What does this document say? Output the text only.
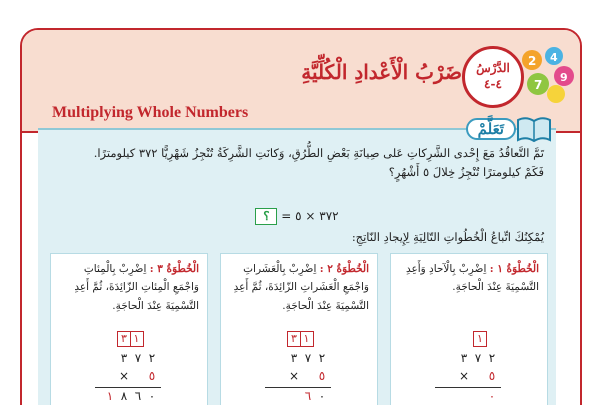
2 4
7
9
الدَّرْسُ
٤-٤
ضَرْبُ الْأَعْدادِ الْكُلِّيَّةِ
Multiplying Whole Numbers
تَعَلَّمْ
تَمَّ التَّعاقُدُ مَعَ إِحْدى الشَّرِكاتِ عَلى صِيانَةِ بَعْضِ الطُّرُقِ، وَكانَتِ الشَّرِكَةُ تُنْجِزُ شَهْرِيًّا ٣٧٢ كيلومترًا.
فَكَمْ كيلومترًا تُنْجِزُ خِلالَ ٥ أَشْهُرٍ؟
؟ = ٣٧٢ × ٥
يُمْكِنُكَ اتِّباعُ الْخُطُواتِ التّالِيَةِ لِإِيجادِ النّاتِجِ:
الْخُطْوَةُ ١ : اِضْرِبْ بِالْآحادِ وَأَعِدِ التَّسْمِيَةَ عِنْدَ الْحاجَةِ.
١
٣ ٧ ٢
× ٥
٠
الْخُطْوَةُ ٢ : اِضْرِبْ بِالْعَشَراتِ وَاجْمَعِ الْعَشَراتِ الزّائِدَةَ، ثُمَّ أَعِدِ التَّسْمِيَةَ عِنْدَ الْحاجَةِ.
٣ ١
٣ ٧ ٢
× ٥
٦ ٠
الْخُطْوَةُ ٣ : اِضْرِبْ بِالْمِئاتِ وَاجْمَعِ الْمِئاتِ الزّائِدَةَ، ثُمَّ أَعِدِ التَّسْمِيَةَ عِنْدَ الْحاجَةِ.
٣ ١
٣ ٧ ٢
× ٥
١ ٨ ٦ ٠
